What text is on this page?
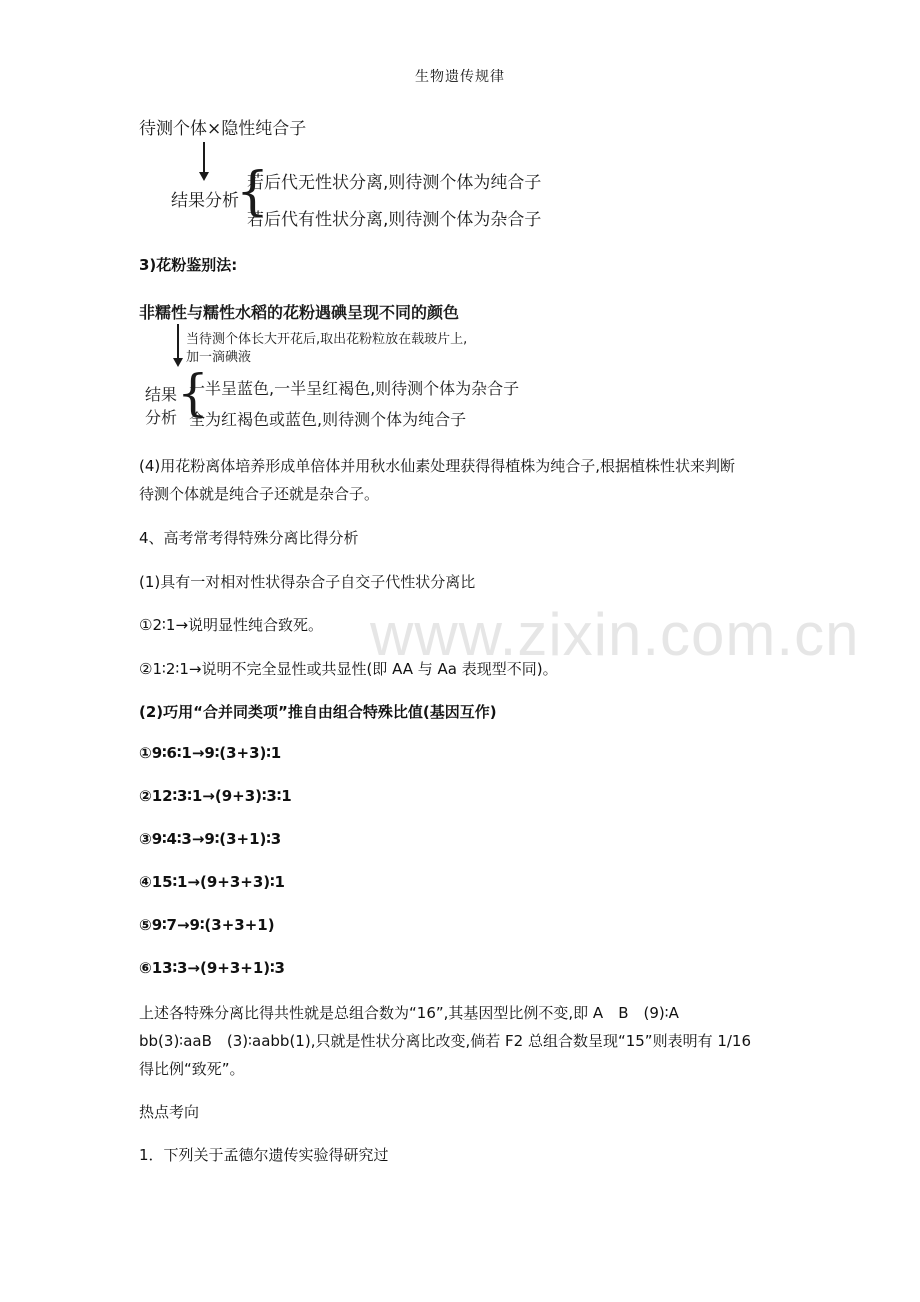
生物遗传规律
待测个体×隐性纯合子
结果分析
{
若后代无性状分离,则待测个体为纯合子
若后代有性状分离,则待测个体为杂合子
3)花粉鉴别法:
非糯性与糯性水稻的花粉遇碘呈现不同的颜色
当待测个体长大开花后,取出花粉粒放在载玻片上,
加一滴碘液
结果
分析 {
一半呈蓝色,一半呈红褐色,则待测个体为杂合子
全为红褐色或蓝色,则待测个体为纯合子
(4)用花粉离体培养形成单倍体并用秋水仙素处理获得得植株为纯合子,根据植株性状来判断
待测个体就是纯合子还就是杂合子。
4、高考常考得特殊分离比得分析
(1)具有一对相对性状得杂合子自交子代性状分离比
①2∶1→说明显性纯合致死。
②1∶2∶1→说明不完全显性或共显性(即 AA 与 Aa 表现型不同)。
(2)巧用“合并同类项”推自由组合特殊比值(基因互作)
①9∶6∶1→9∶(3+3)∶1
②12∶3∶1→(9+3)∶3∶1
③9∶4∶3→9∶(3+1)∶3
④15∶1→(9+3+3)∶1
⑤9∶7→9∶(3+3+1)
⑥13∶3→(9+3+1)∶3
上述各特殊分离比得共性就是总组合数为“16”,其基因型比例不变,即 A　B　(9)∶A
bb(3)∶aaB　(3)∶aabb(1),只就是性状分离比改变,倘若 F2 总组合数呈现“15”则表明有 1/16
得比例“致死”。
热点考向
1．下列关于孟德尔遗传实验得研究过
www.zixin.com.cn
